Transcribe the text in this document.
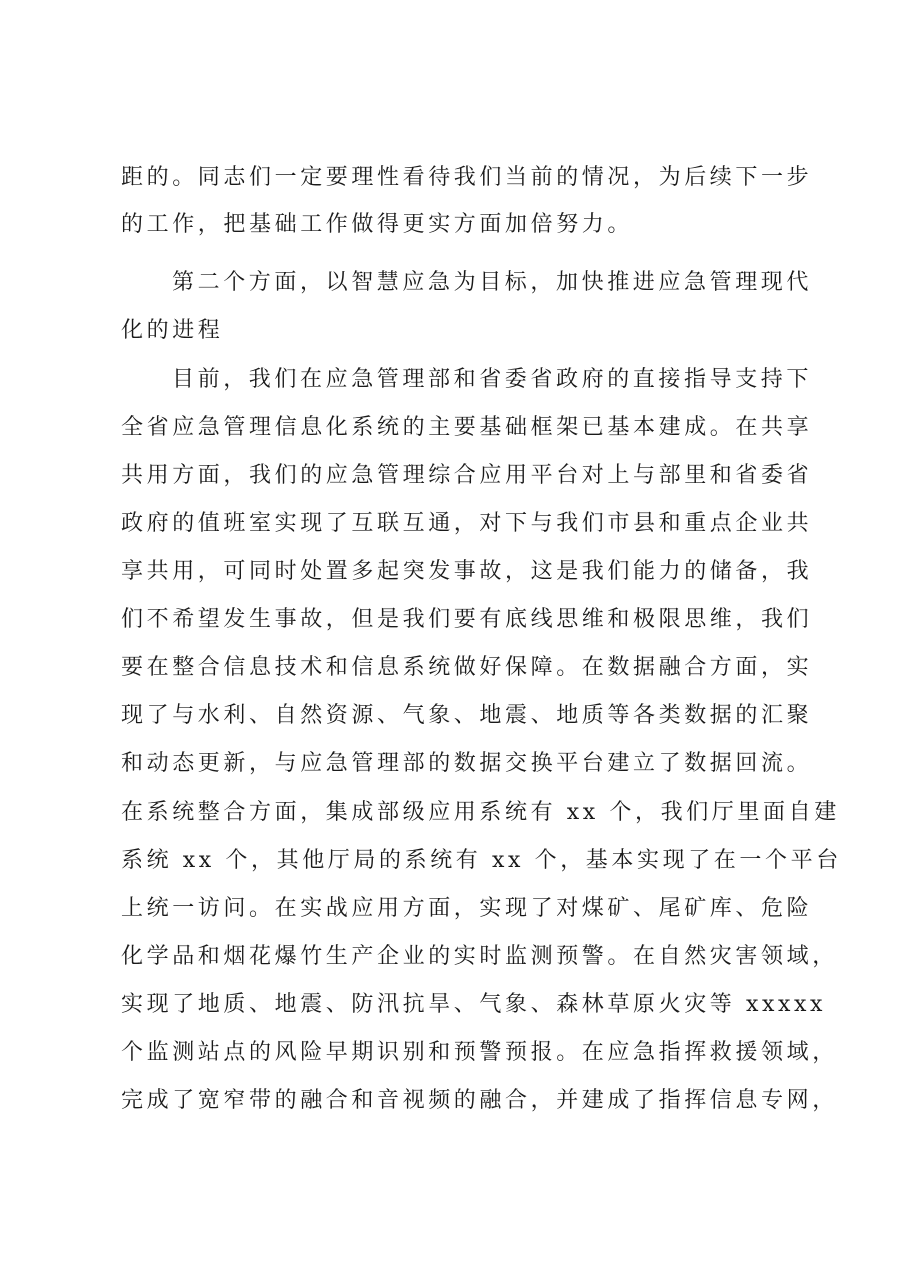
距的。同志们一定要理性看待我们当前的情况，为后续下一步
的工作，把基础工作做得更实方面加倍努力。
第二个方面，以智慧应急为目标，加快推进应急管理现代
化的进程
目前，我们在应急管理部和省委省政府的直接指导支持下
全省应急管理信息化系统的主要基础框架已基本建成。在共享
共用方面，我们的应急管理综合应用平台对上与部里和省委省
政府的值班室实现了互联互通，对下与我们市县和重点企业共
享共用，可同时处置多起突发事故，这是我们能力的储备，我
们不希望发生事故，但是我们要有底线思维和极限思维，我们
要在整合信息技术和信息系统做好保障。在数据融合方面，实
现了与水利、自然资源、气象、地震、地质等各类数据的汇聚
和动态更新，与应急管理部的数据交换平台建立了数据回流。
在系统整合方面，集成部级应用系统有 xx 个，我们厅里面自建
系统 xx 个，其他厅局的系统有 xx 个，基本实现了在一个平台
上统一访问。在实战应用方面，实现了对煤矿、尾矿库、危险
化学品和烟花爆竹生产企业的实时监测预警。在自然灾害领域，
实现了地质、地震、防汛抗旱、气象、森林草原火灾等 xxxxx
个监测站点的风险早期识别和预警预报。在应急指挥救援领域，
完成了宽窄带的融合和音视频的融合，并建成了指挥信息专网，
